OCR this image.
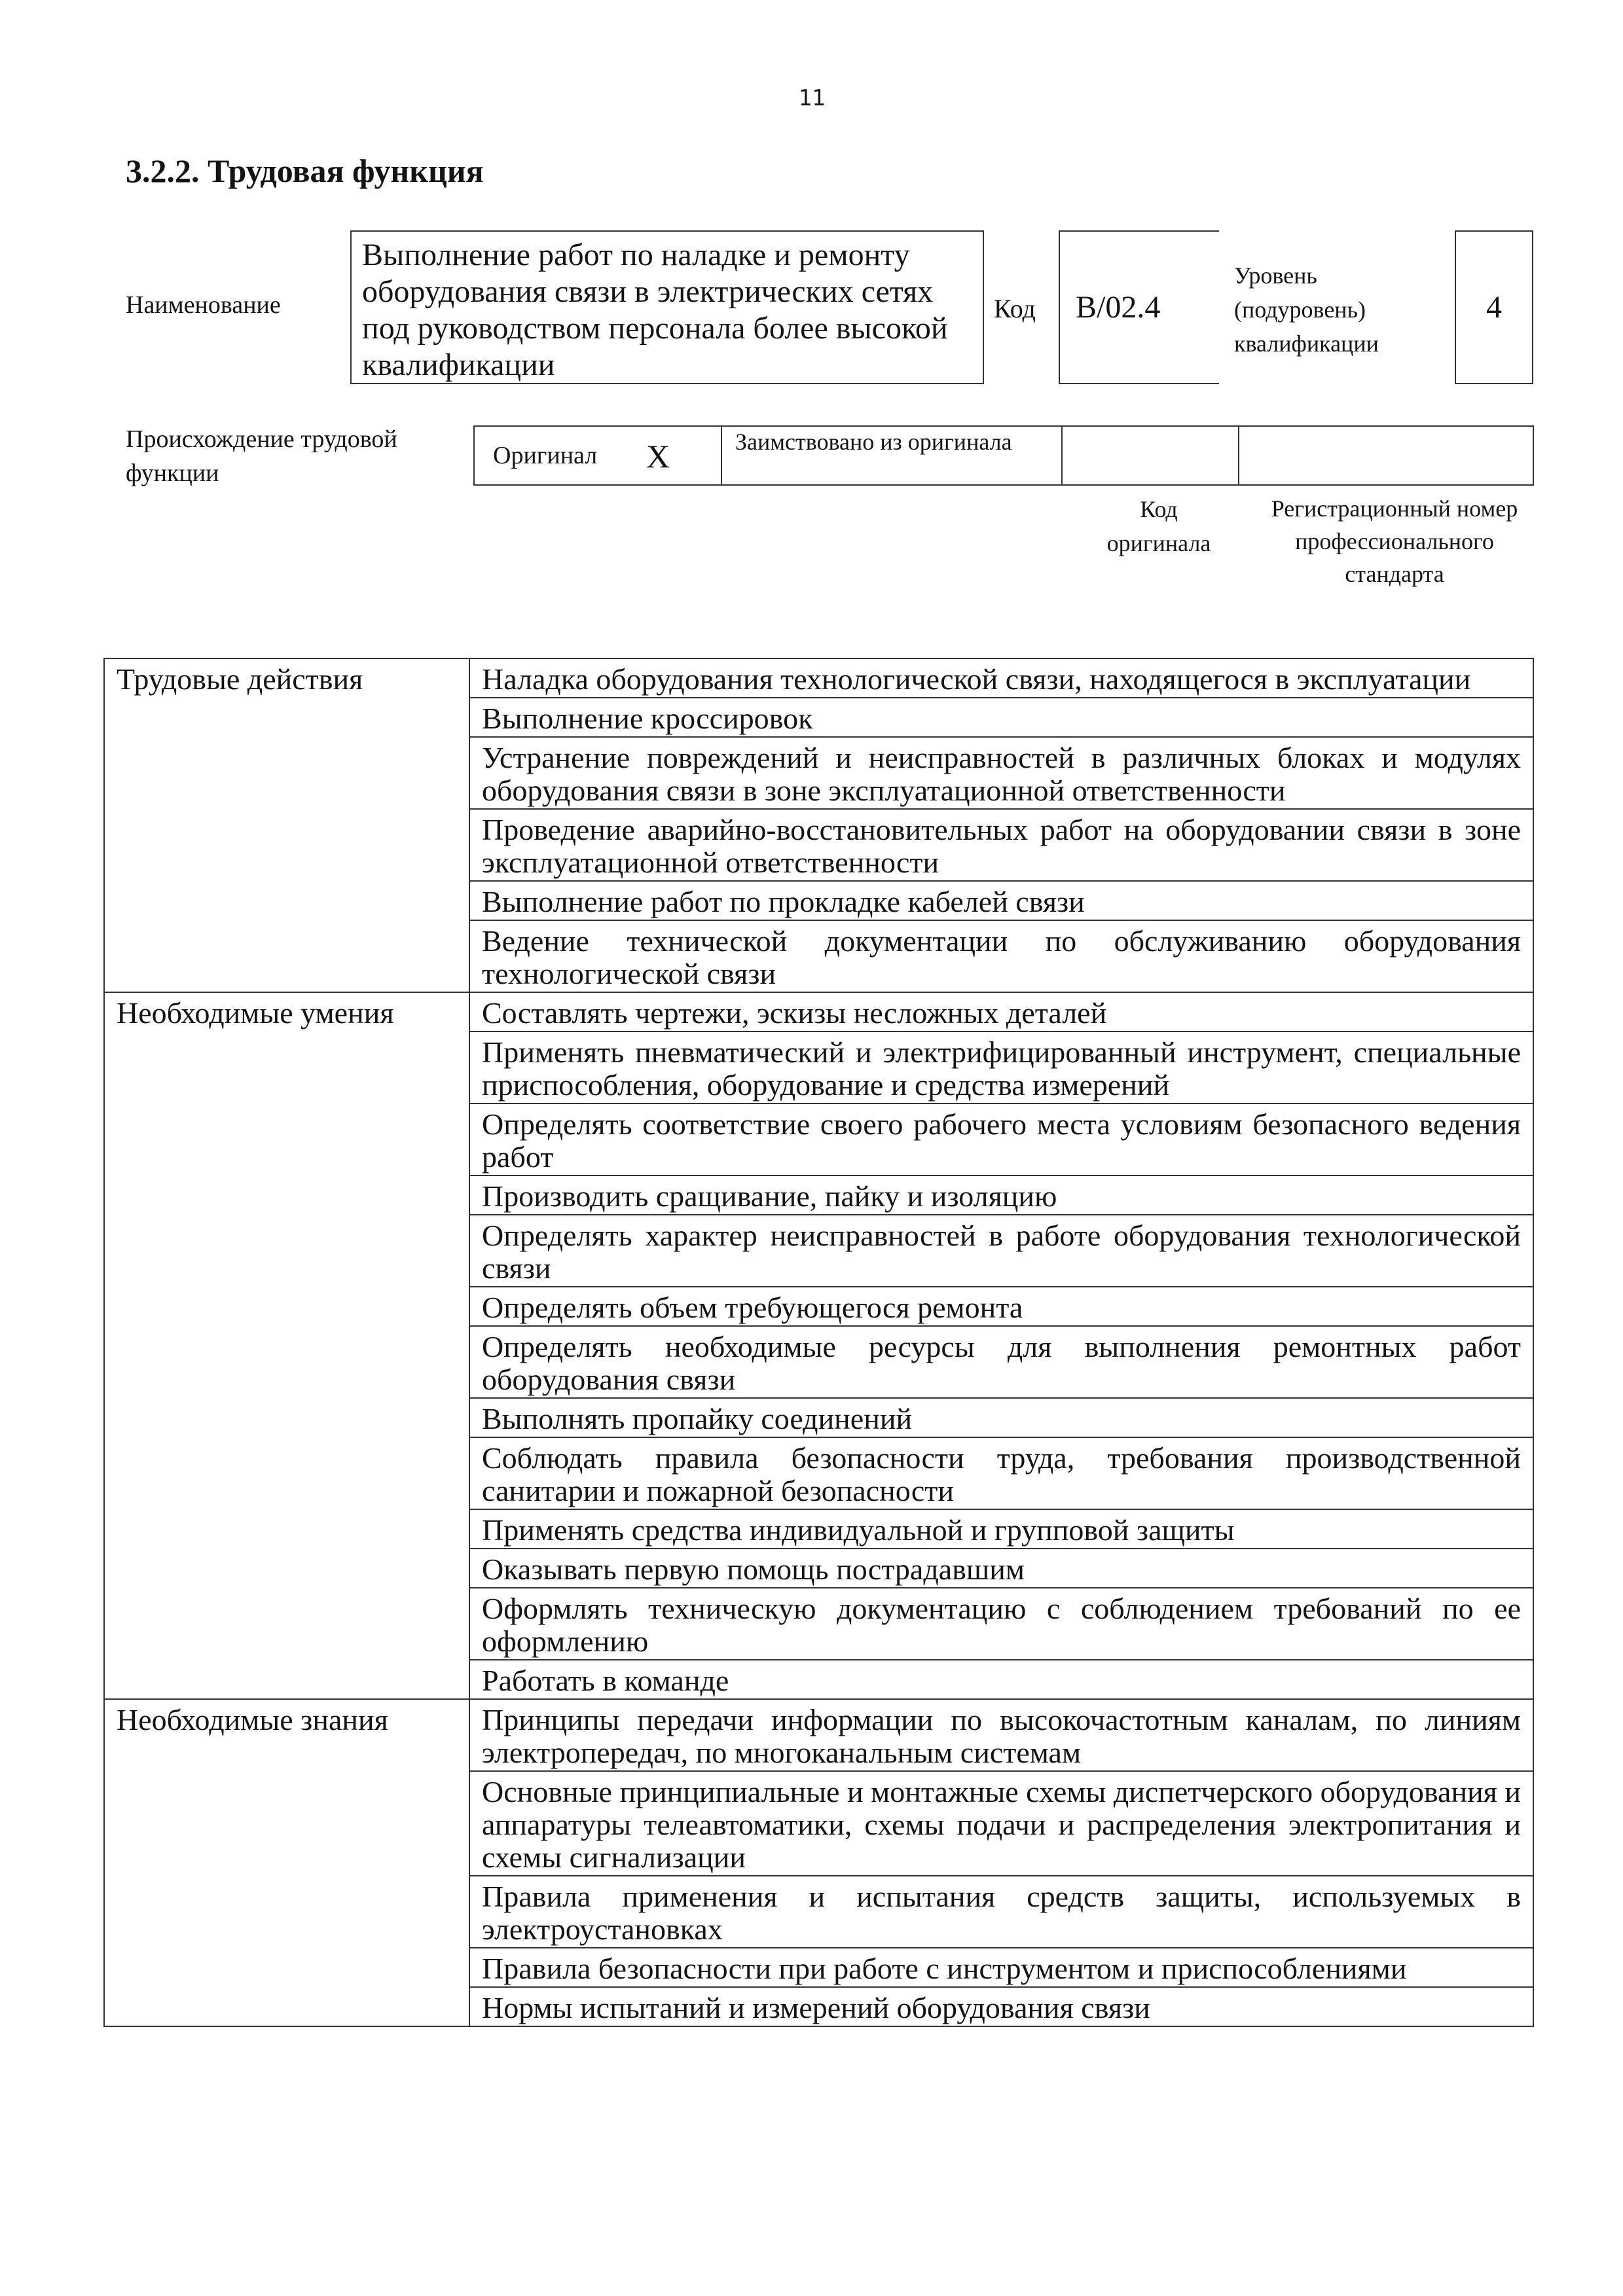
11
3.2.2. Трудовая функция
Наименование
Выполнение работ по наладке и ремонту оборудования связи в электрических сетях под руководством персонала более высокой квалификации
Код	B/02.4
Уровень
(подуровень)
квалификации
4
Происхождение трудовой функции
Оригинал X	Заимствовано из оригинала
Код оригинала
Регистрационный номер профессионального стандарта
Трудовые действия	Наладка оборудования технологической связи, находящегося в эксплуатации
	Выполнение кроссировок
	Устранение повреждений и неисправностей в различных блоках и модулях оборудования связи в зоне эксплуатационной ответственности
	Проведение аварийно-восстановительных работ на оборудовании связи в зоне эксплуатационной ответственности
	Выполнение работ по прокладке кабелей связи
	Ведение технической документации по обслуживанию оборудования технологической связи
Необходимые умения	Составлять чертежи, эскизы несложных деталей
	Применять пневматический и электрифицированный инструмент, специальные приспособления, оборудование и средства измерений
	Определять соответствие своего рабочего места условиям безопасного ведения работ
	Производить сращивание, пайку и изоляцию
	Определять характер неисправностей в работе оборудования технологической связи
	Определять объем требующегося ремонта
	Определять необходимые ресурсы для выполнения ремонтных работ оборудования связи
	Выполнять пропайку соединений
	Соблюдать правила безопасности труда, требования производственной санитарии и пожарной безопасности
	Применять средства индивидуальной и групповой защиты
	Оказывать первую помощь пострадавшим
	Оформлять техническую документацию с соблюдением требований по ее оформлению
	Работать в команде
Необходимые знания	Принципы передачи информации по высокочастотным каналам, по линиям электропередач, по многоканальным системам
	Основные принципиальные и монтажные схемы диспетчерского оборудования и аппаратуры телеавтоматики, схемы подачи и распределения электропитания и схемы сигнализации
	Правила применения и испытания средств защиты, используемых в электроустановках
	Правила безопасности при работе с инструментом и приспособлениями
	Нормы испытаний и измерений оборудования связи
